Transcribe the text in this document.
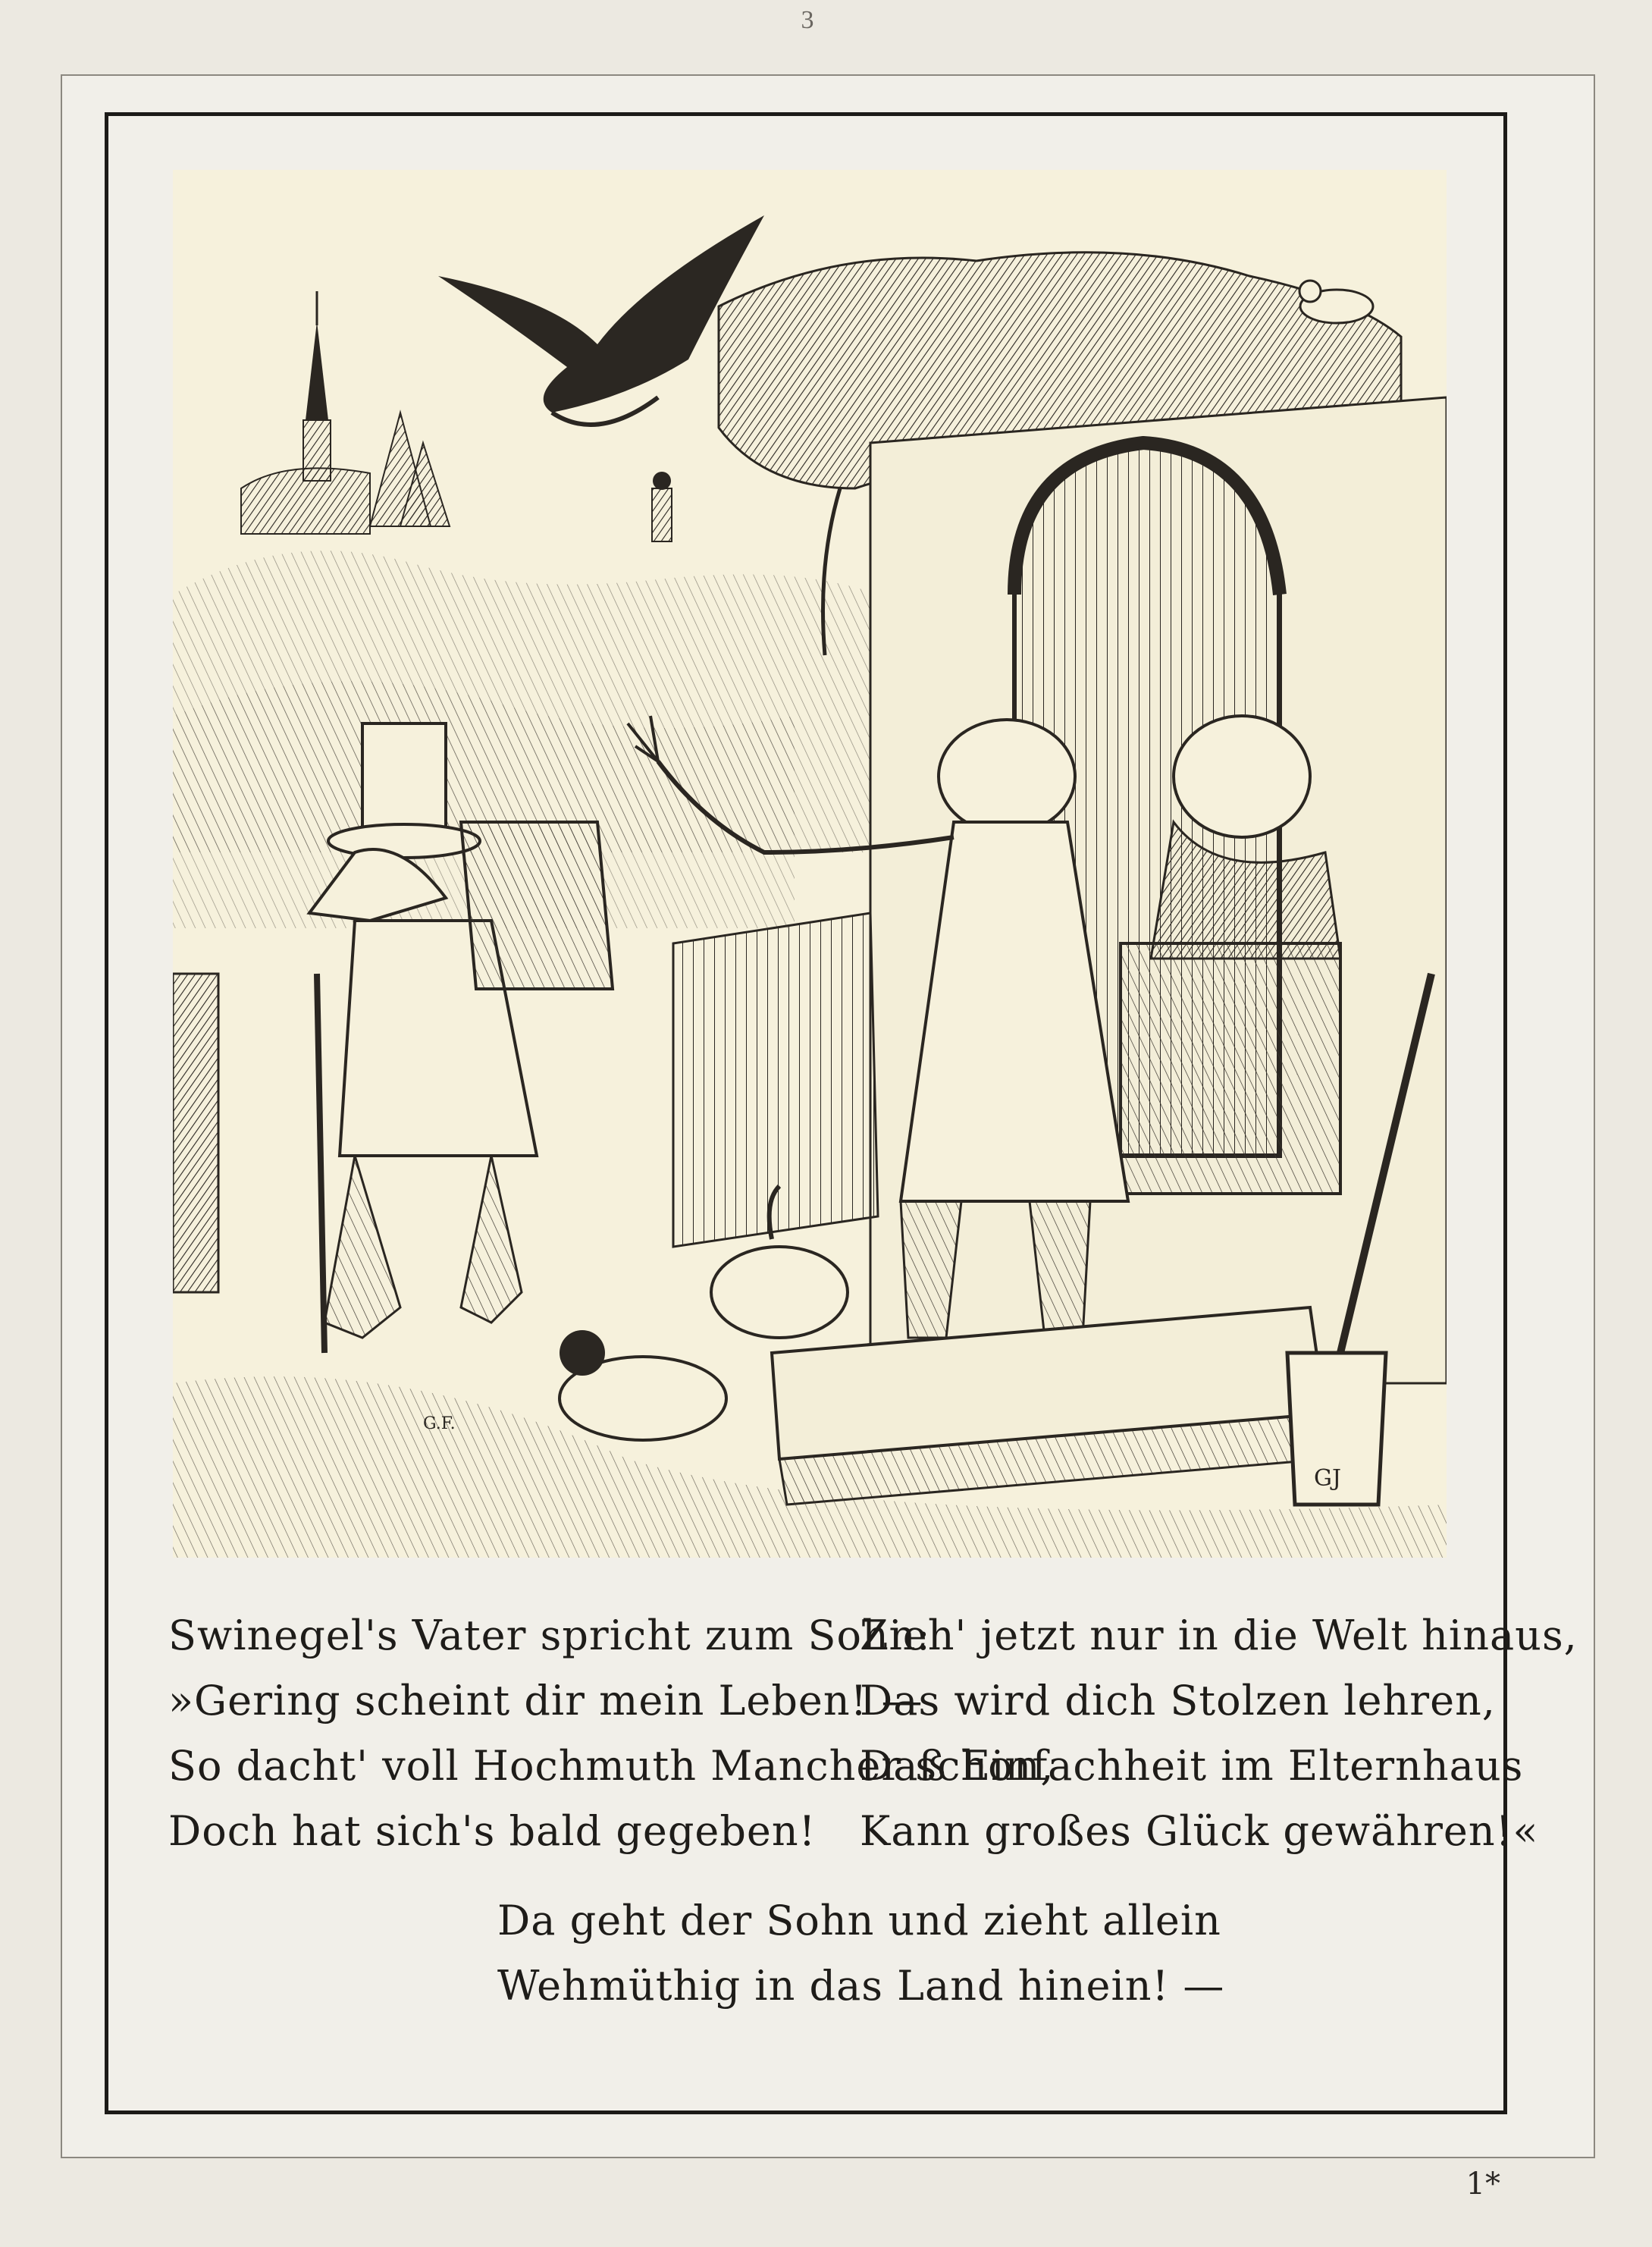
3
GJ
Swinegel's Vater spricht zum Sohn:
»Gering scheint dir mein Leben! —
So dacht' voll Hochmuth Mancher schon,
Doch hat sich's bald gegeben!
Zieh' jetzt nur in die Welt hinaus,
Das wird dich Stolzen lehren,
Daß Einfachheit im Elternhaus
Kann großes Glück gewähren!«
Da geht der Sohn und zieht allein
Wehmüthig in das Land hinein! —
1*
